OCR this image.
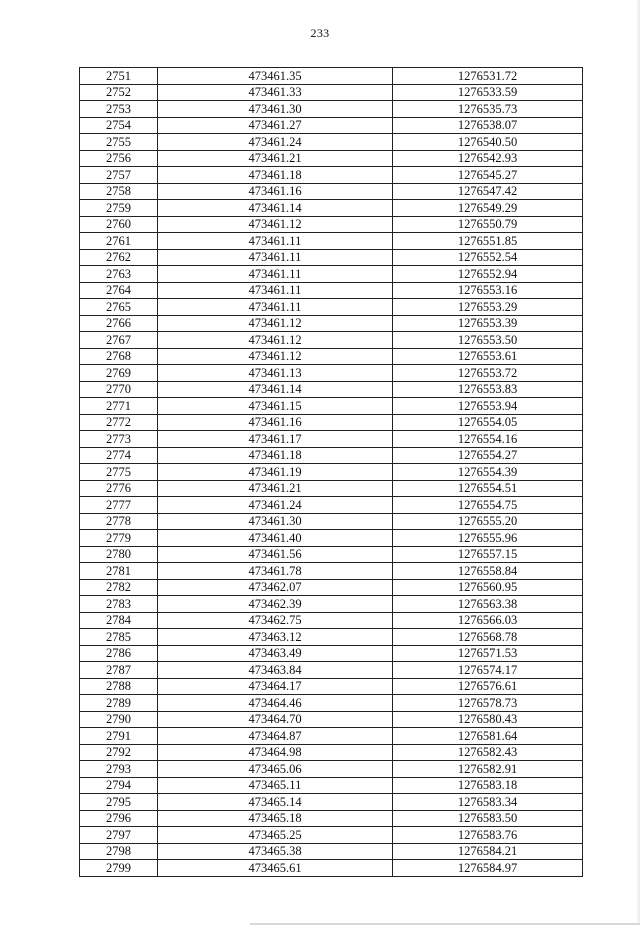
233
2751	473461.35	1276531.72
2752	473461.33	1276533.59
2753	473461.30	1276535.73
2754	473461.27	1276538.07
2755	473461.24	1276540.50
2756	473461.21	1276542.93
2757	473461.18	1276545.27
2758	473461.16	1276547.42
2759	473461.14	1276549.29
2760	473461.12	1276550.79
2761	473461.11	1276551.85
2762	473461.11	1276552.54
2763	473461.11	1276552.94
2764	473461.11	1276553.16
2765	473461.11	1276553.29
2766	473461.12	1276553.39
2767	473461.12	1276553.50
2768	473461.12	1276553.61
2769	473461.13	1276553.72
2770	473461.14	1276553.83
2771	473461.15	1276553.94
2772	473461.16	1276554.05
2773	473461.17	1276554.16
2774	473461.18	1276554.27
2775	473461.19	1276554.39
2776	473461.21	1276554.51
2777	473461.24	1276554.75
2778	473461.30	1276555.20
2779	473461.40	1276555.96
2780	473461.56	1276557.15
2781	473461.78	1276558.84
2782	473462.07	1276560.95
2783	473462.39	1276563.38
2784	473462.75	1276566.03
2785	473463.12	1276568.78
2786	473463.49	1276571.53
2787	473463.84	1276574.17
2788	473464.17	1276576.61
2789	473464.46	1276578.73
2790	473464.70	1276580.43
2791	473464.87	1276581.64
2792	473464.98	1276582.43
2793	473465.06	1276582.91
2794	473465.11	1276583.18
2795	473465.14	1276583.34
2796	473465.18	1276583.50
2797	473465.25	1276583.76
2798	473465.38	1276584.21
2799	473465.61	1276584.97
